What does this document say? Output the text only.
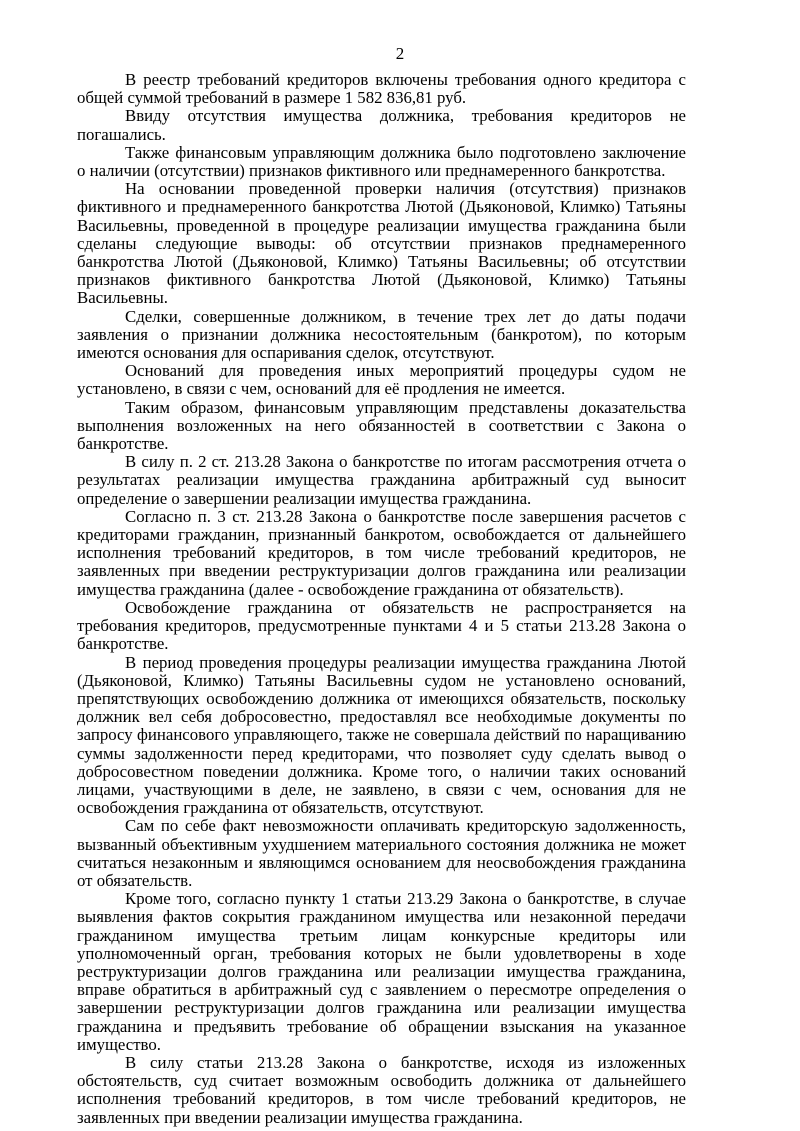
2

В реестр требований кредиторов включены требования одного кредитора с общей суммой требований в размере 1 582 836,81 руб.

Ввиду отсутствия имущества должника, требования кредиторов не погашались.

Также финансовым управляющим должника было подготовлено заключение о наличии (отсутствии) признаков фиктивного или преднамеренного банкротства.

На основании проведенной проверки наличия (отсутствия) признаков фиктивного и преднамеренного банкротства Лютой (Дьяконовой, Климко) Татьяны Васильевны, проведенной в процедуре реализации имущества гражданина были сделаны следующие выводы: об отсутствии признаков преднамеренного банкротства Лютой (Дьяконовой, Климко) Татьяны Васильевны; об отсутствии признаков фиктивного банкротства Лютой (Дьяконовой, Климко) Татьяны Васильевны.

Сделки, совершенные должником, в течение трех лет до даты подачи заявления о признании должника несостоятельным (банкротом), по которым имеются основания для оспаривания сделок, отсутствуют.

Оснований для проведения иных мероприятий процедуры судом не установлено, в связи с чем, оснований для её продления не имеется.

Таким образом, финансовым управляющим представлены доказательства выполнения возложенных на него обязанностей в соответствии с Закона о банкротстве.

В силу п. 2 ст. 213.28 Закона о банкротстве по итогам рассмотрения отчета о результатах реализации имущества гражданина арбитражный суд выносит определение о завершении реализации имущества гражданина.

Согласно п. 3 ст. 213.28 Закона о банкротстве после завершения расчетов с кредиторами гражданин, признанный банкротом, освобождается от дальнейшего исполнения требований кредиторов, в том числе требований кредиторов, не заявленных при введении реструктуризации долгов гражданина или реализации имущества гражданина (далее - освобождение гражданина от обязательств).

Освобождение гражданина от обязательств не распространяется на требования кредиторов, предусмотренные пунктами 4 и 5 статьи 213.28 Закона о банкротстве.

В период проведения процедуры реализации имущества гражданина Лютой (Дьяконовой, Климко) Татьяны Васильевны судом не установлено оснований, препятствующих освобождению должника от имеющихся обязательств, поскольку должник вел себя добросовестно, предоставлял все необходимые документы по запросу финансового управляющего, также не совершала действий по наращиванию суммы задолженности перед кредиторами, что позволяет суду сделать вывод о добросовестном поведении должника. Кроме того, о наличии таких оснований лицами, участвующими в деле, не заявлено, в связи с чем, основания для не освобождения гражданина от обязательств, отсутствуют.

Сам по себе факт невозможности оплачивать кредиторскую задолженность, вызванный объективным ухудшением материального состояния должника не может считаться незаконным и являющимся основанием для неосвобождения гражданина от обязательств.

Кроме того, согласно пункту 1 статьи 213.29 Закона о банкротстве, в случае выявления фактов сокрытия гражданином имущества или незаконной передачи гражданином имущества третьим лицам конкурсные кредиторы или уполномоченный орган, требования которых не были удовлетворены в ходе реструктуризации долгов гражданина или реализации имущества гражданина, вправе обратиться в арбитражный суд с заявлением о пересмотре определения о завершении реструктуризации долгов гражданина или реализации имущества гражданина и предъявить требование об обращении взыскания на указанное имущество.

В силу статьи 213.28 Закона о банкротстве, исходя из изложенных обстоятельств, суд считает возможным освободить должника от дальнейшего исполнения требований кредиторов, в том числе требований кредиторов, не заявленных при введении реализации имущества гражданина.
